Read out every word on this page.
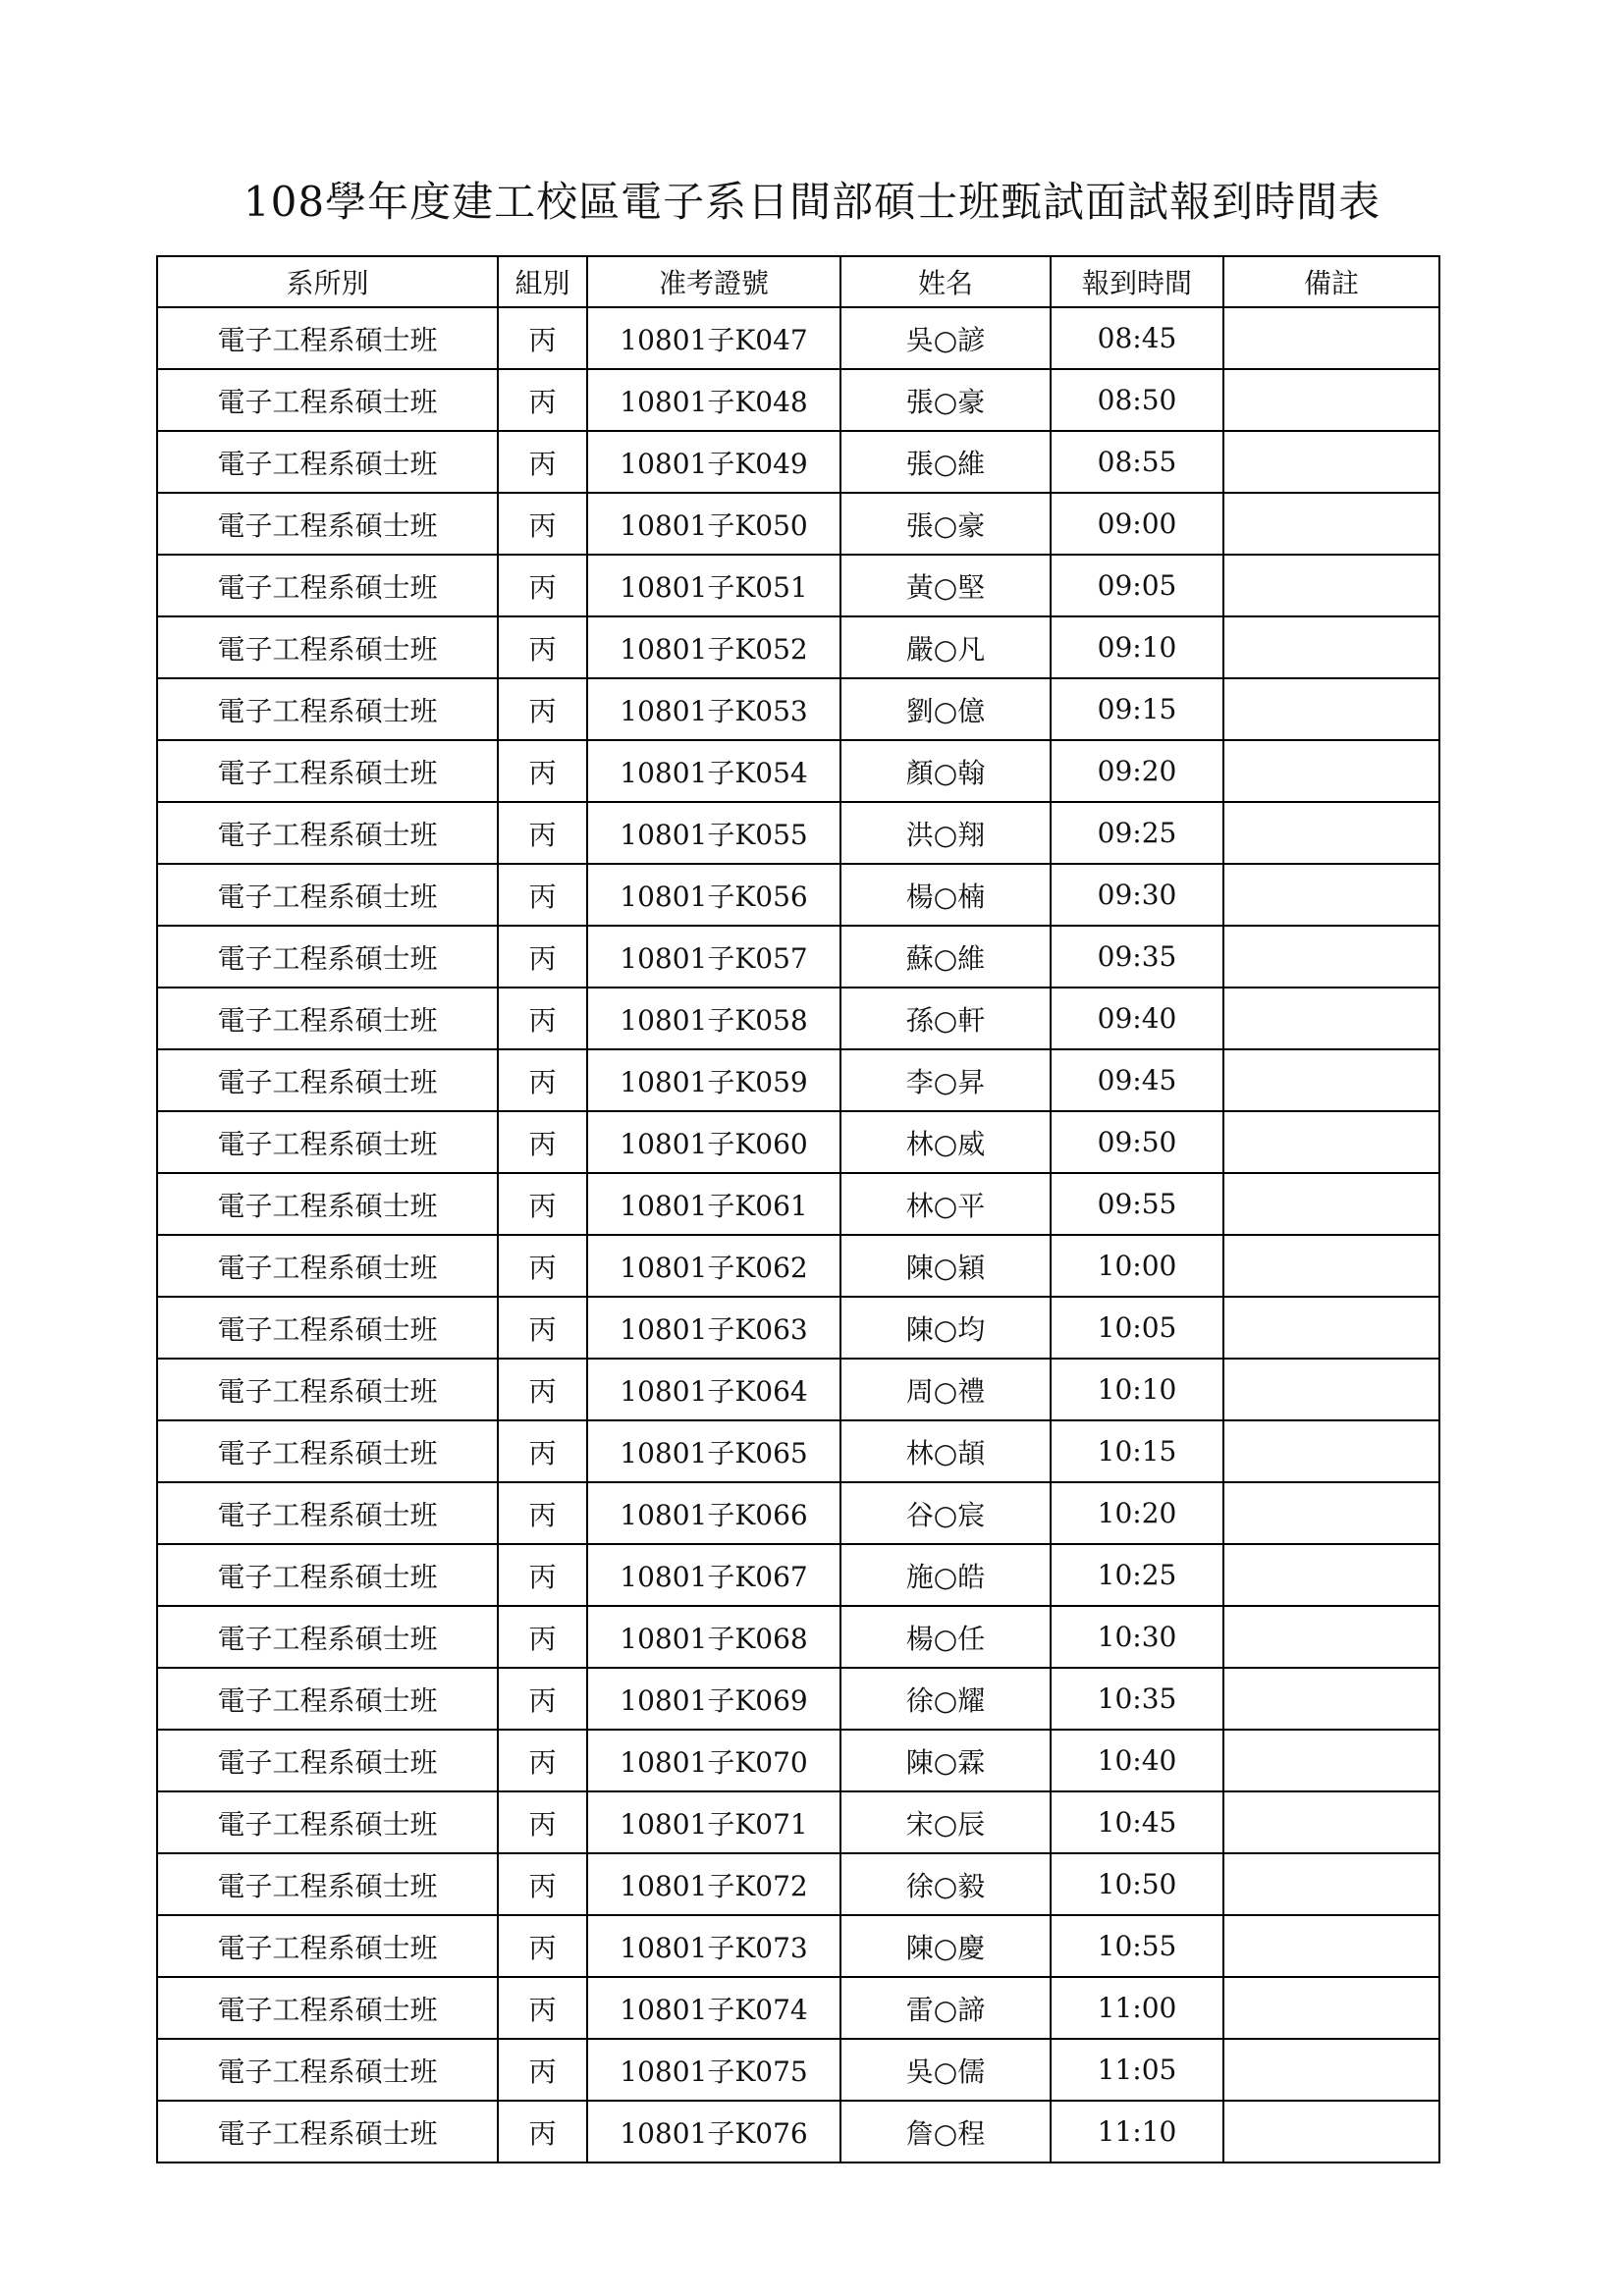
108學年度建工校區電子系日間部碩士班甄試面試報到時間表
系所別	組別	准考證號	姓名	報到時間	備註
電子工程系碩士班	丙	10801子K047	吳○諺	08:45	
電子工程系碩士班	丙	10801子K048	張○豪	08:50	
電子工程系碩士班	丙	10801子K049	張○維	08:55	
電子工程系碩士班	丙	10801子K050	張○豪	09:00	
電子工程系碩士班	丙	10801子K051	黃○堅	09:05	
電子工程系碩士班	丙	10801子K052	嚴○凡	09:10	
電子工程系碩士班	丙	10801子K053	劉○億	09:15	
電子工程系碩士班	丙	10801子K054	顏○翰	09:20	
電子工程系碩士班	丙	10801子K055	洪○翔	09:25	
電子工程系碩士班	丙	10801子K056	楊○楠	09:30	
電子工程系碩士班	丙	10801子K057	蘇○維	09:35	
電子工程系碩士班	丙	10801子K058	孫○軒	09:40	
電子工程系碩士班	丙	10801子K059	李○昇	09:45	
電子工程系碩士班	丙	10801子K060	林○威	09:50	
電子工程系碩士班	丙	10801子K061	林○平	09:55	
電子工程系碩士班	丙	10801子K062	陳○穎	10:00	
電子工程系碩士班	丙	10801子K063	陳○均	10:05	
電子工程系碩士班	丙	10801子K064	周○禮	10:10	
電子工程系碩士班	丙	10801子K065	林○頡	10:15	
電子工程系碩士班	丙	10801子K066	谷○宸	10:20	
電子工程系碩士班	丙	10801子K067	施○皓	10:25	
電子工程系碩士班	丙	10801子K068	楊○任	10:30	
電子工程系碩士班	丙	10801子K069	徐○耀	10:35	
電子工程系碩士班	丙	10801子K070	陳○霖	10:40	
電子工程系碩士班	丙	10801子K071	宋○辰	10:45	
電子工程系碩士班	丙	10801子K072	徐○毅	10:50	
電子工程系碩士班	丙	10801子K073	陳○慶	10:55	
電子工程系碩士班	丙	10801子K074	雷○諦	11:00	
電子工程系碩士班	丙	10801子K075	吳○儒	11:05	
電子工程系碩士班	丙	10801子K076	詹○程	11:10	
